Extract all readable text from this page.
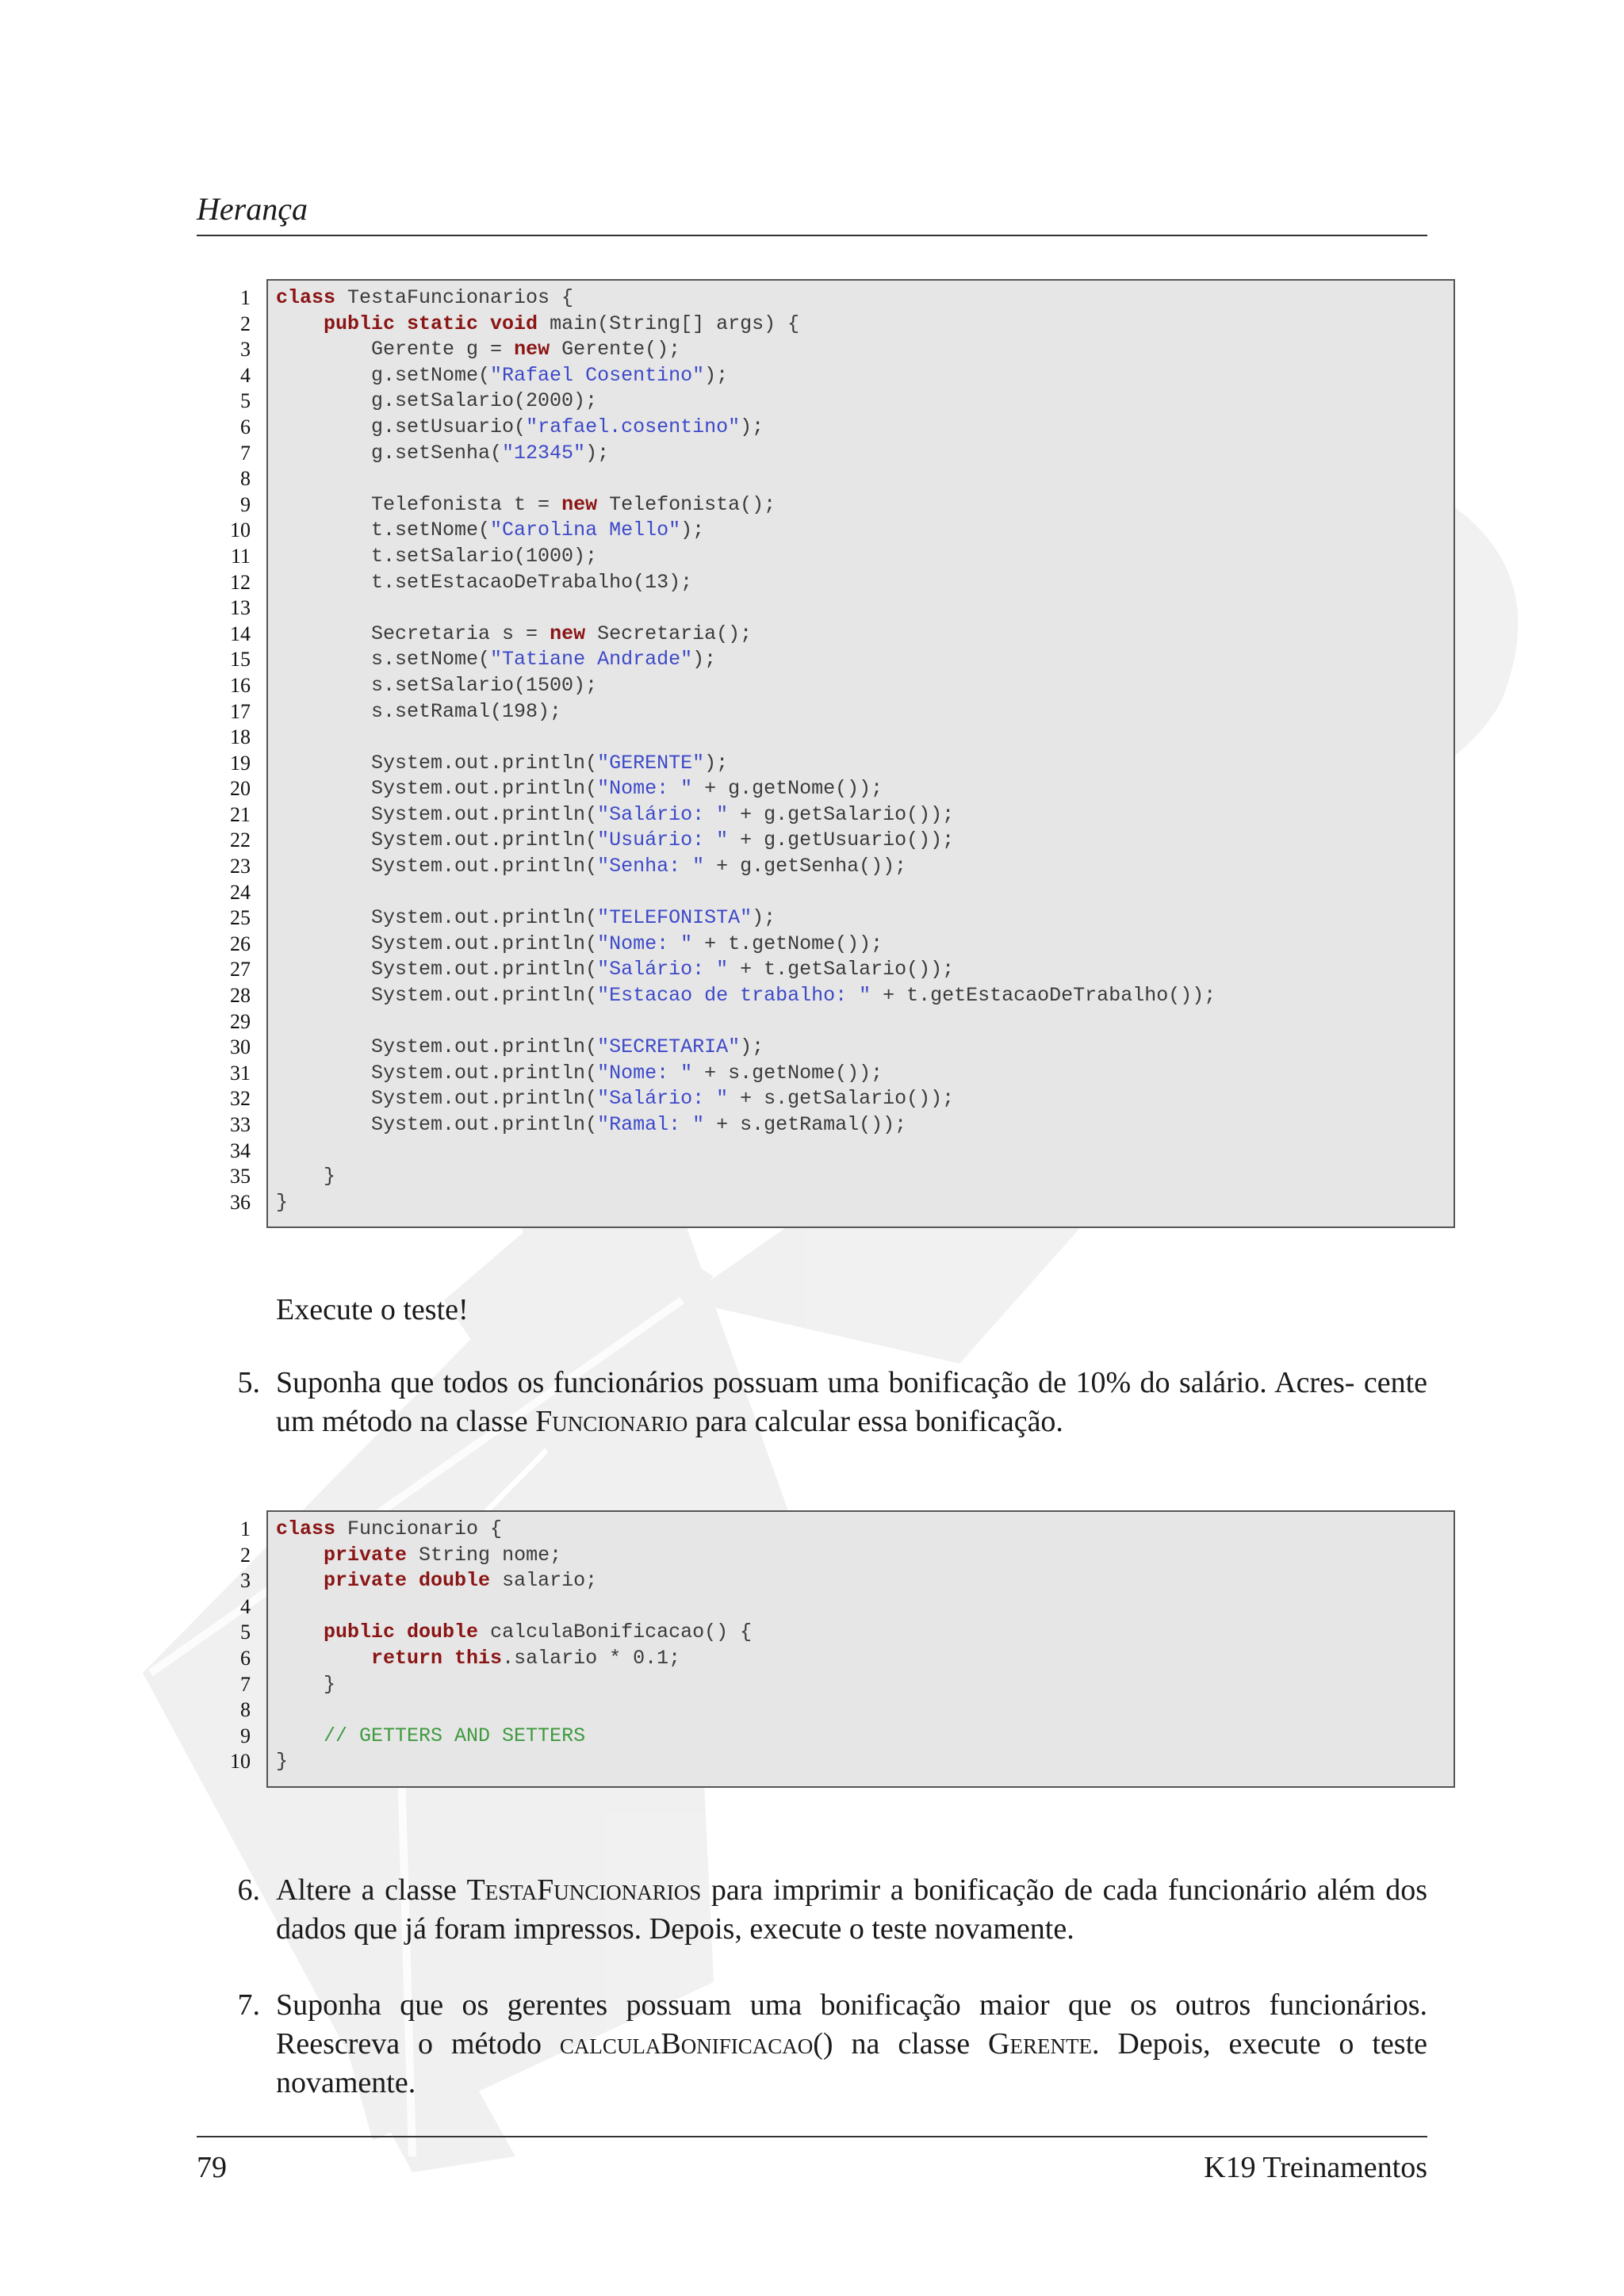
Herança
1
2
3
4
5
6
7
8
9
10
11
12
13
14
15
16
17
18
19
20
21
22
23
24
25
26
27
28
29
30
31
32
33
34
35
36
class TestaFuncionarios {
public static void main(String[] args) {
Gerente g = new Gerente();
g.setNome("Rafael Cosentino");
g.setSalario(2000);
g.setUsuario("rafael.cosentino");
g.setSenha("12345");
Telefonista t = new Telefonista();
t.setNome("Carolina Mello");
t.setSalario(1000);
t.setEstacaoDeTrabalho(13);
Secretaria s = new Secretaria();
s.setNome("Tatiane Andrade");
s.setSalario(1500);
s.setRamal(198);
System.out.println("GERENTE");
System.out.println("Nome: " + g.getNome());
System.out.println("Salário: " + g.getSalario());
System.out.println("Usuário: " + g.getUsuario());
System.out.println("Senha: " + g.getSenha());
System.out.println("TELEFONISTA");
System.out.println("Nome: " + t.getNome());
System.out.println("Salário: " + t.getSalario());
System.out.println("Estacao de trabalho: " + t.getEstacaoDeTrabalho());
System.out.println("SECRETARIA");
System.out.println("Nome: " + s.getNome());
System.out.println("Salário: " + s.getSalario());
System.out.println("Ramal: " + s.getRamal());
}
}
Execute o teste!
5. Suponha que todos os funcionários possuam uma bonificação de 10% do salário. Acres- cente um método na classe Funcionario para calcular essa bonificação.
1
2
3
4
5
6
7
8
9
10
class Funcionario {
private String nome;
private double salario;
public double calculaBonificacao() {
return this.salario * 0.1;
}
// GETTERS AND SETTERS
}
6. Altere a classe TestaFuncionarios para imprimir a bonificação de cada funcionário além dos dados que já foram impressos. Depois, execute o teste novamente.
7. Suponha que os gerentes possuam uma bonificação maior que os outros funcionários. Reescreva o método calculaBonificacao() na classe Gerente. Depois, execute o teste novamente.
79	K19 Treinamentos
